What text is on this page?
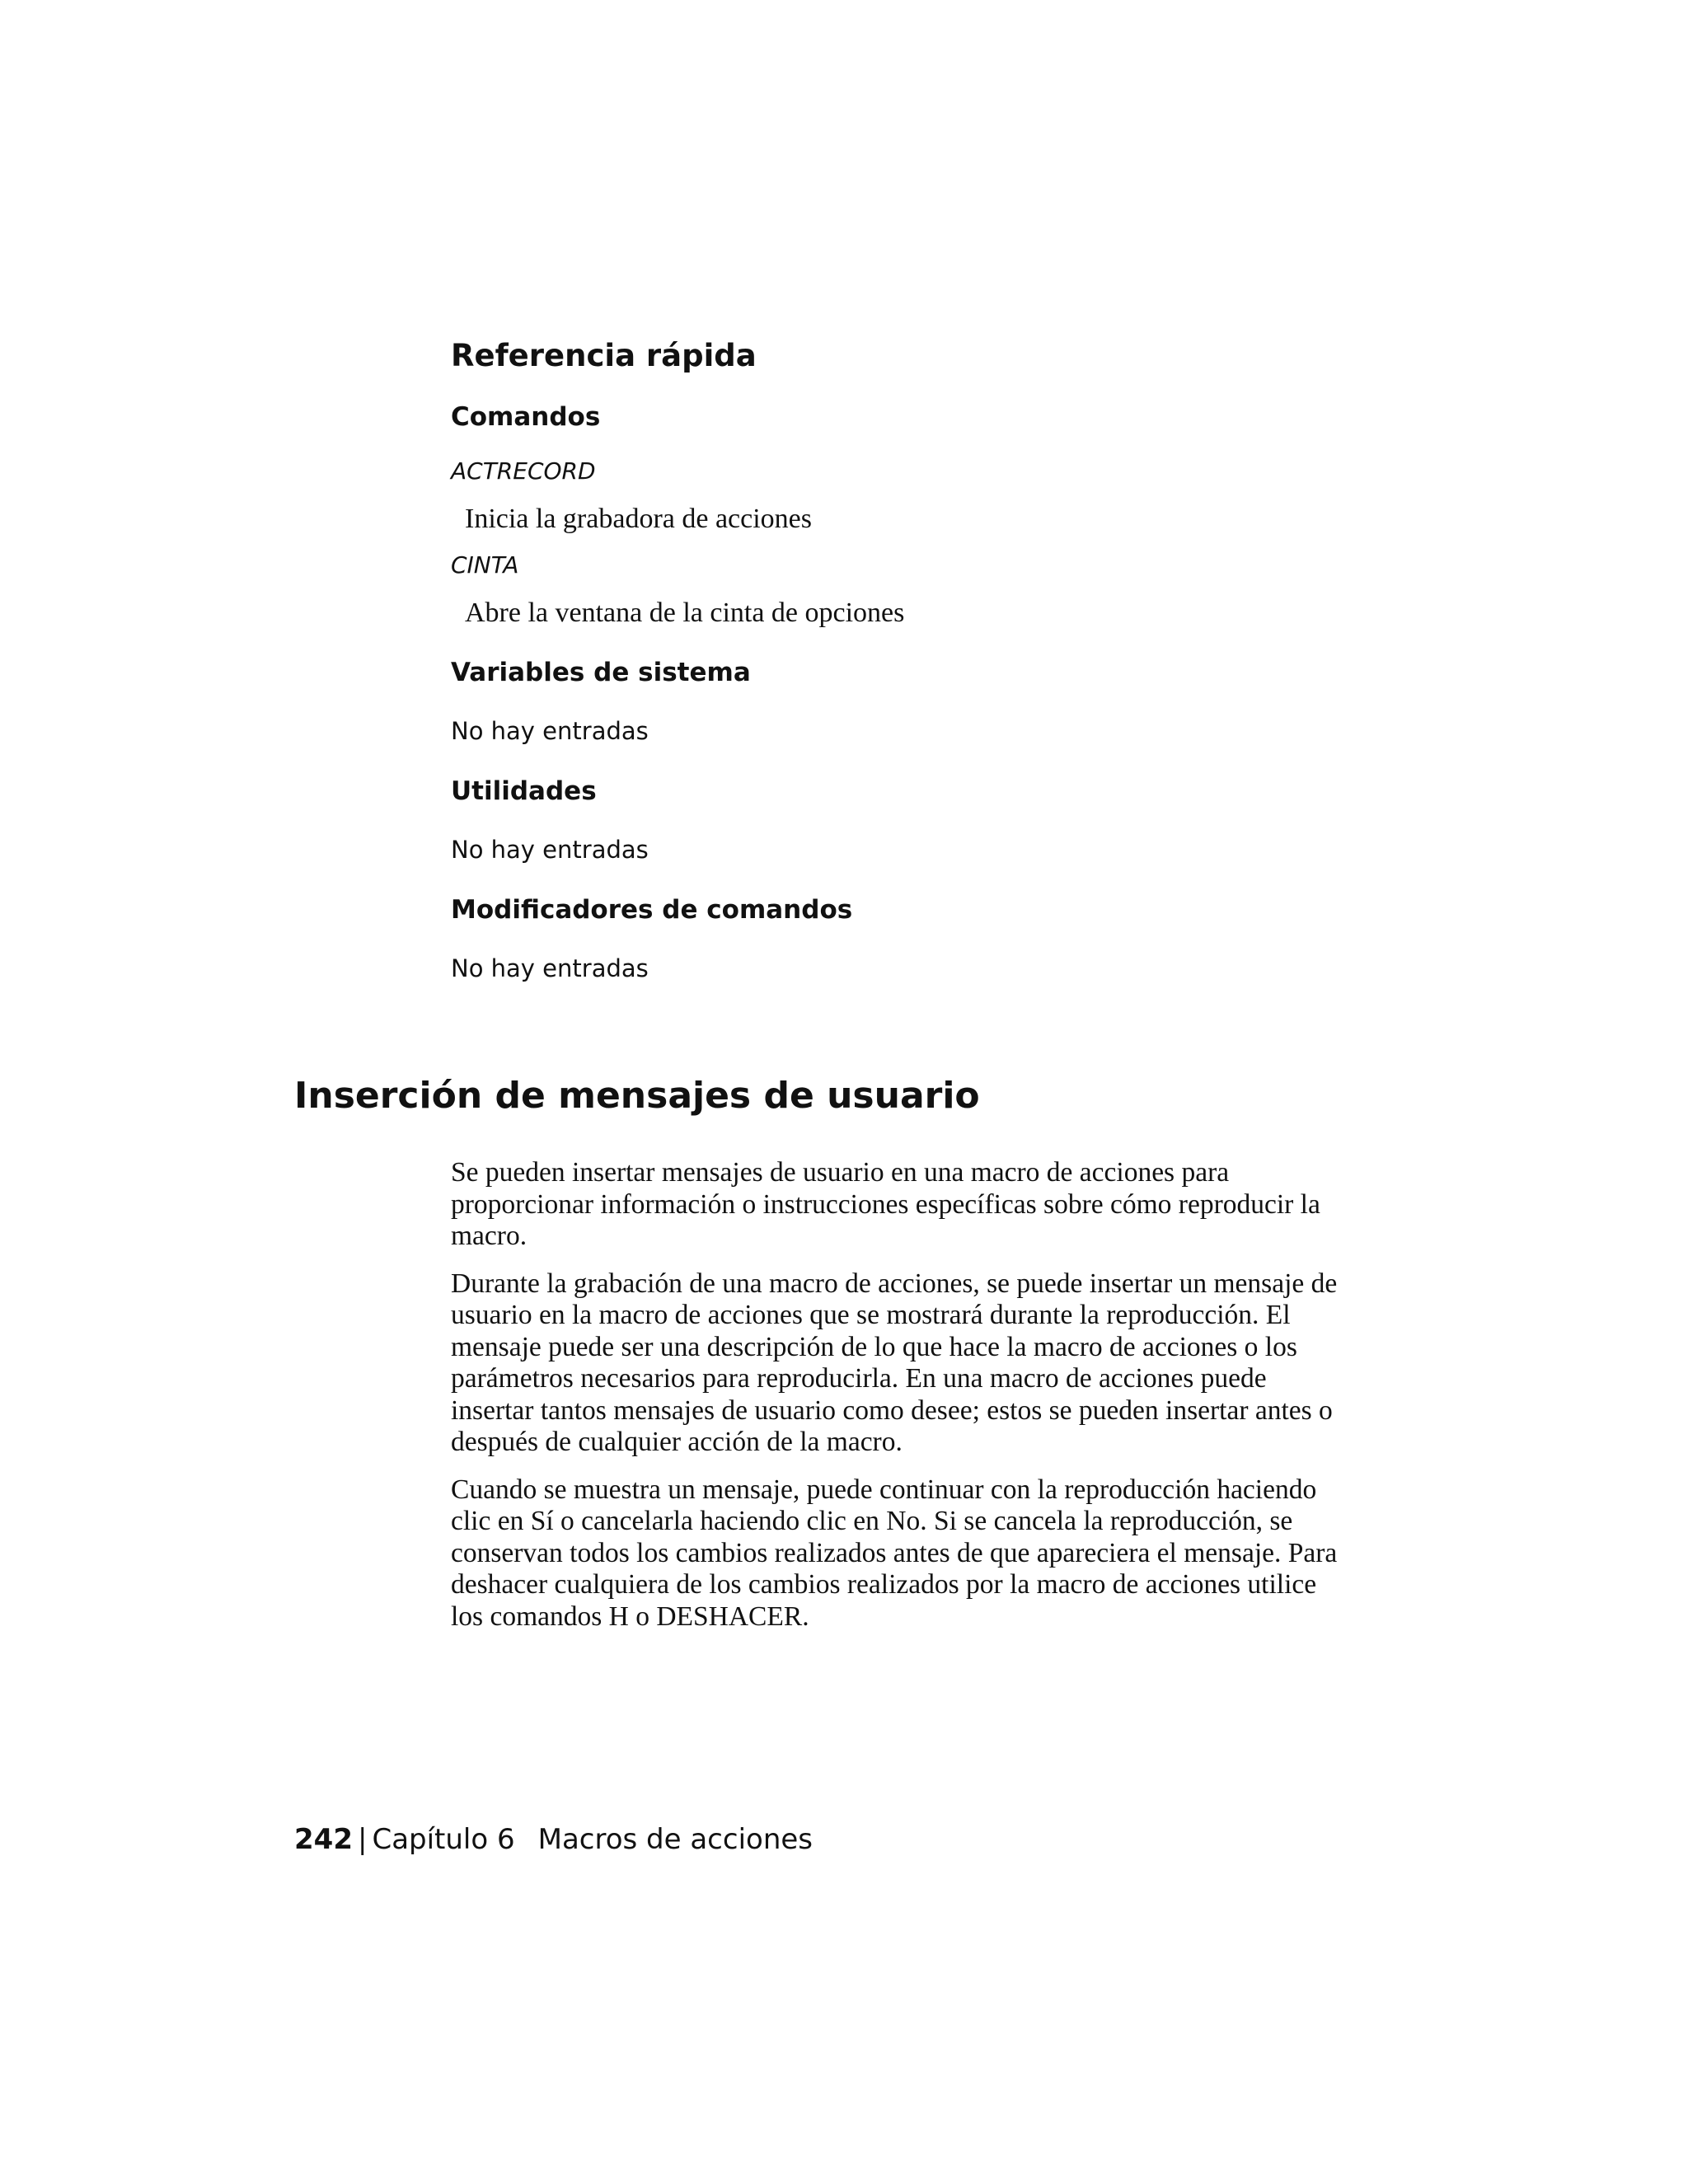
Referencia rápida
Comandos

ACTRECORD

Inicia la grabadora de acciones

CINTA

Abre la ventana de la cinta de opciones

Variables de sistema

No hay entradas

Utilidades

No hay entradas

Modificadores de comandos

No hay entradas

Inserción de mensajes de usuario

Se pueden insertar mensajes de usuario en una macro de acciones para proporcionar información o instrucciones específicas sobre cómo reproducir la macro.

Durante la grabación de una macro de acciones, se puede insertar un mensaje de usuario en la macro de acciones que se mostrará durante la reproducción. El mensaje puede ser una descripción de lo que hace la macro de acciones o los parámetros necesarios para reproducirla. En una macro de acciones puede insertar tantos mensajes de usuario como desee; estos se pueden insertar antes o después de cualquier acción de la macro.

Cuando se muestra un mensaje, puede continuar con la reproducción haciendo clic en Sí o cancelarla haciendo clic en No. Si se cancela la reproducción, se conservan todos los cambios realizados antes de que apareciera el mensaje. Para deshacer cualquiera de los cambios realizados por la macro de acciones utilice los comandos H o DESHACER.

242 | Capítulo 6 Macros de acciones
